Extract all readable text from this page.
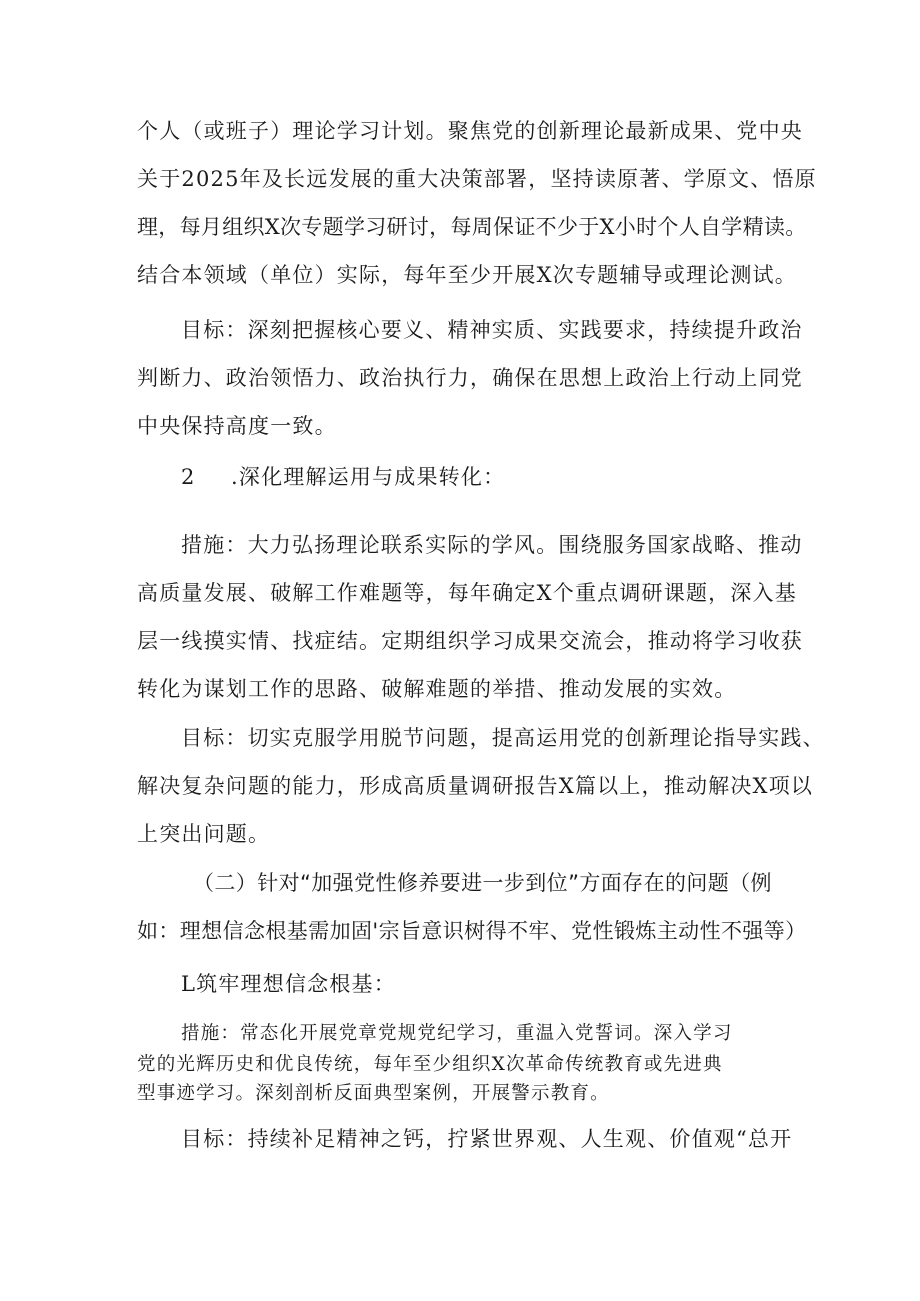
个人（或班子）理论学习计划。聚焦党的创新理论最新成果、党中央
关于2025年及长远发展的重大决策部署，坚持读原著、学原文、悟原
理，每月组织X次专题学习研讨，每周保证不少于X小时个人自学精读。
结合本领域（单位）实际，每年至少开展X次专题辅导或理论测试。
目标：深刻把握核心要义、精神实质、实践要求，持续提升政治
判断力、政治领悟力、政治执行力，确保在思想上政治上行动上同党
中央保持高度一致。
2 .深化理解运用与成果转化：
措施：大力弘扬理论联系实际的学风。围绕服务国家战略、推动
高质量发展、破解工作难题等，每年确定X个重点调研课题，深入基
层一线摸实情、找症结。定期组织学习成果交流会，推动将学习收获
转化为谋划工作的思路、破解难题的举措、推动发展的实效。
目标：切实克服学用脱节问题，提高运用党的创新理论指导实践、
解决复杂问题的能力，形成高质量调研报告X篇以上，推动解决X项以
上突出问题。
（二）针对“加强党性修养要进一步到位”方面存在的问题（例
如：理想信念根基需加固'宗旨意识树得不牢、党性锻炼主动性不强等）
L筑牢理想信念根基：
措施：常态化开展党章党规党纪学习，重温入党誓词。深入学习
党的光辉历史和优良传统，每年至少组织X次革命传统教育或先进典
型事迹学习。深刻剖析反面典型案例，开展警示教育。
目标：持续补足精神之钙，拧紧世界观、人生观、价值观“总开
